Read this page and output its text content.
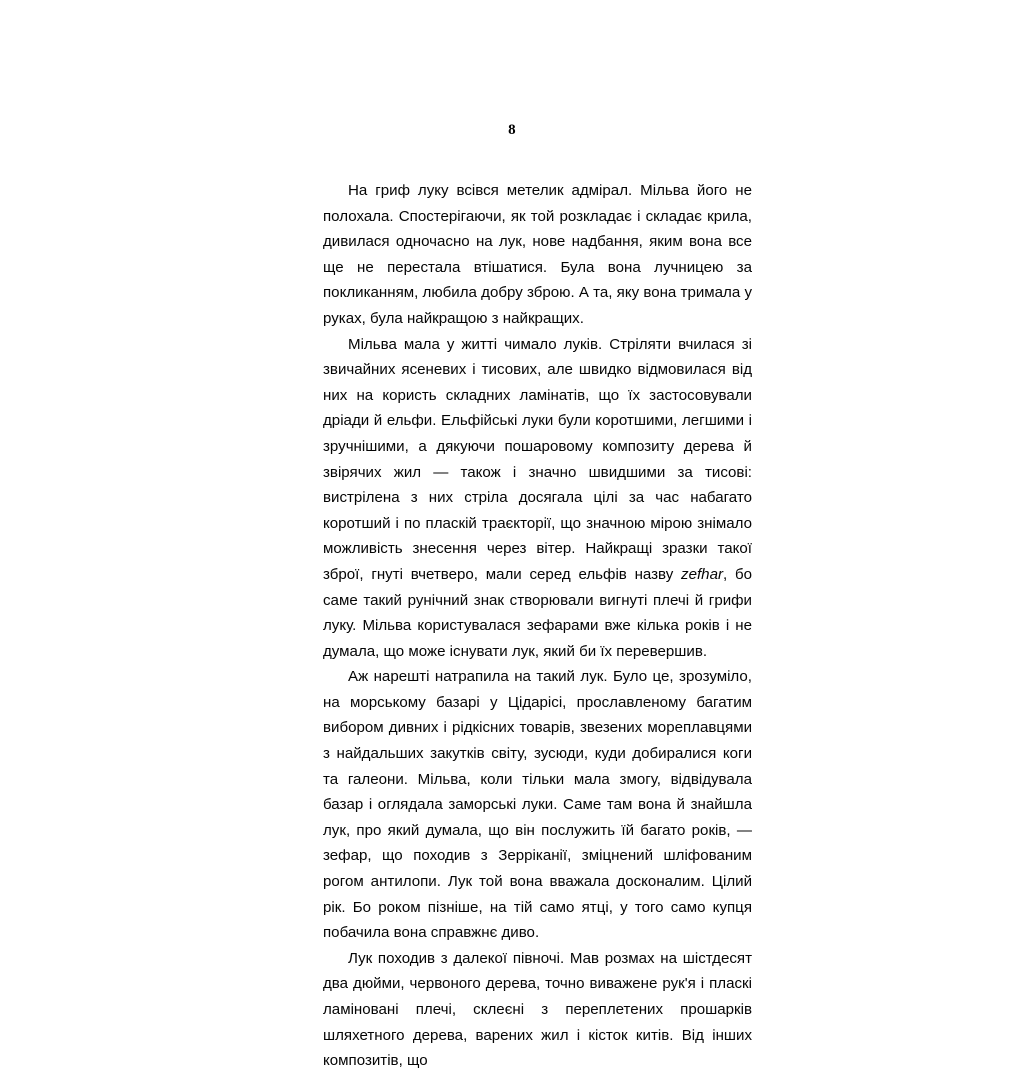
8

На гриф луку всівся метелик адмірал. Мільва його не полохала. Спостерігаючи, як той розкладає і складає крила, дивилася одночасно на лук, нове надбання, яким вона все ще не перестала втішатися. Була вона лучницею за покликанням, любила добру зброю. А та, яку вона тримала у руках, була найкращою з найкращих.

Мільва мала у житті чимало луків. Стріляти вчилася зі звичайних ясеневих і тисових, але швидко відмовилася від них на користь складних ламінатів, що їх застосовували дріади й ельфи. Ельфійські луки були коротшими, легшими і зручнішими, а дякуючи пошаровому композиту дерева й звірячих жил — також і значно швидшими за тисові: вистрілена з них стріла досягала цілі за час набагато коротший і по пласкій траєкторії, що значною мірою знімало можливість знесення через вітер. Найкращі зразки такої зброї, гнуті вчетверо, мали серед ельфів назву zefhar, бо саме такий рунічний знак створювали вигнуті плечі й грифи луку. Мільва користувалася зефарами вже кілька років і не думала, що може існувати лук, який би їх перевершив.

Аж нарешті натрапила на такий лук. Було це, зрозуміло, на морському базарі у Цідарісі, прославленому багатим вибором дивних і рідкісних товарів, звезених мореплавцями з найдальших закутків світу, зусюди, куди добиралися коги та галеони. Мільва, коли тільки мала змогу, відвідувала базар і оглядала заморські луки. Саме там вона й знайшла лук, про який думала, що він послужить їй багато років, — зефар, що походив з Зерріканії, зміцнений шліфованим рогом антилопи. Лук той вона вважала досконалим. Цілий рік. Бо роком пізніше, на тій само ятці, у того само купця побачила вона справжнє диво.

Лук походив з далекої півночі. Мав розмах на шістдесят два дюйми, червоного дерева, точно виважене рук'я і пласкі ламіновані плечі, склеєні з переплетених прошарків шляхетного дерева, варених жил і кісток китів. Від інших композитів, що
